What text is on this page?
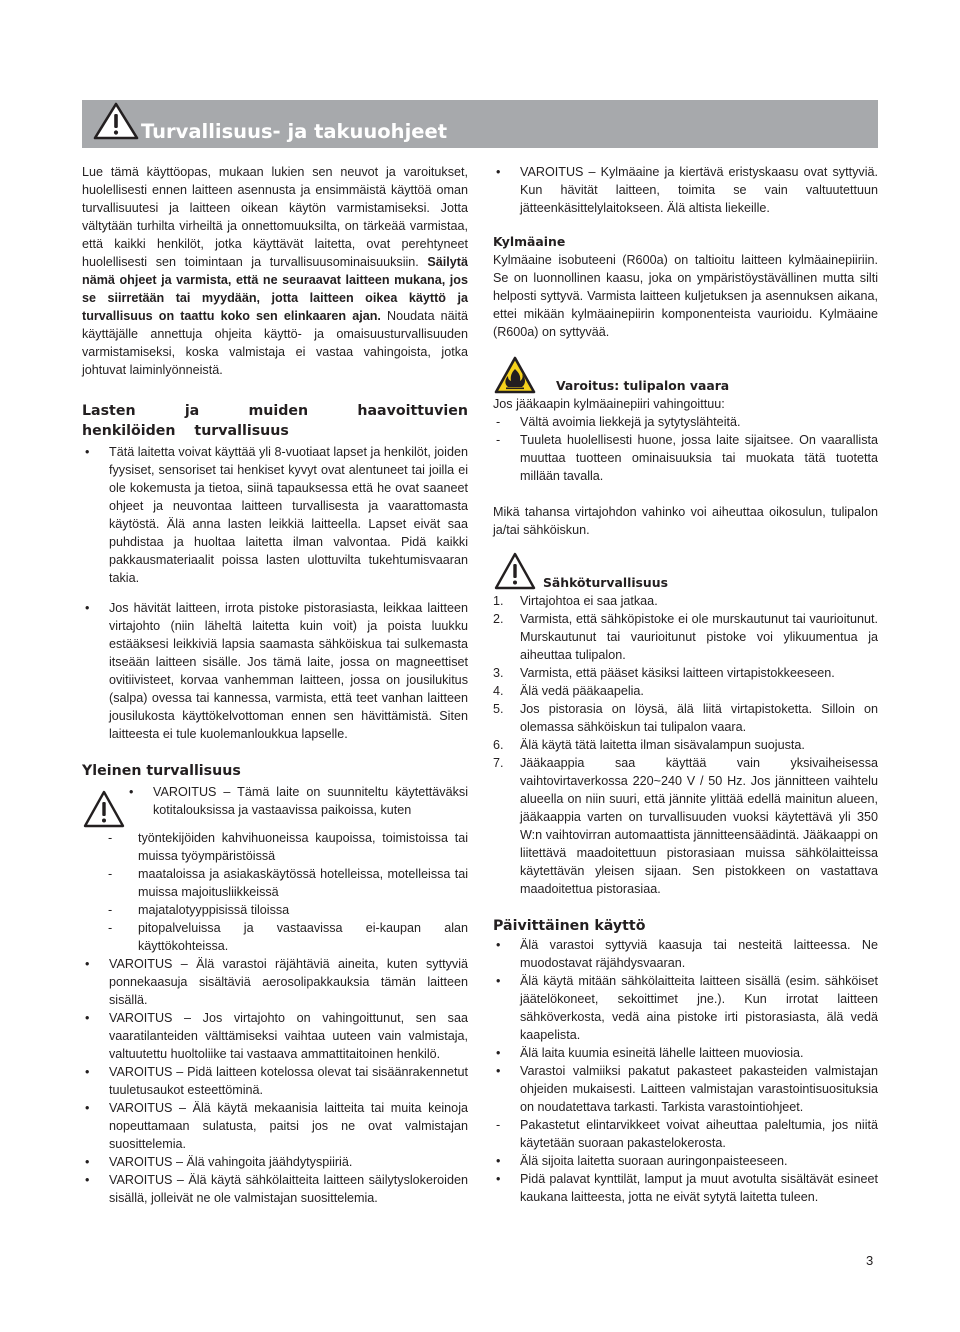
Turvallisuus- ja takuuohjeet

Lue tämä käyttöopas, mukaan lukien sen neuvot ja varoitukset, huolellisesti ennen laitteen asennusta ja ensimmäistä käyttöä oman turvallisuutesi ja laitteen oikean käytön varmistamiseksi. Jotta vältytään turhilta virheiltä ja onnettomuuksilta, on tärkeää varmistaa, että kaikki henkilöt, jotka käyttävät laitetta, ovat perehtyneet huolellisesti sen toimintaan ja turvallisuusominaisuuksiin. Säilytä nämä ohjeet ja varmista, että ne seuraavat laitteen mukana, jos se siirretään tai myydään, jotta laitteen oikea käyttö ja turvallisuus on taattu koko sen elinkaaren ajan. Noudata näitä käyttäjälle annettuja ohjeita käyttö- ja omaisuusturvallisuuden varmistamiseksi, koska valmistaja ei vastaa vahingoista, jotka johtuvat laiminlyönneistä.

Lasten ja muiden haavoittuvien henkilöiden turvallisuus
• Tätä laitetta voivat käyttää yli 8-vuotiaat lapset ja henkilöt, joiden fyysiset, sensoriset tai henkiset kyvyt ovat alentuneet tai joilla ei ole kokemusta ja tietoa, siinä tapauksessa että he ovat saaneet ohjeet ja neuvontaa laitteen turvallisesta ja vaarattomasta käytöstä. Älä anna lasten leikkiä laitteella. Lapset eivät saa puhdistaa ja huoltaa laitetta ilman valvontaa. Pidä kaikki pakkausmateriaalit poissa lasten ulottuvilta tukehtumisvaaran takia.
• Jos hävität laitteen, irrota pistoke pistorasiasta, leikkaa laitteen virtajohto (niin läheltä laitetta kuin voit) ja poista luukku estääksesi leikkiviä lapsia saamasta sähköiskua tai sulkemasta itseään laitteen sisälle. Jos tämä laite, jossa on magneettiset ovitiivisteet, korvaa vanhemman laitteen, jossa on jousilukitus (salpa) ovessa tai kannessa, varmista, että teet vanhan laitteen jousilukosta käyttökelvottoman ennen sen hävittämistä. Siten laitteesta ei tule kuolemanloukkua lapselle.
Yleinen turvallisuus
• VAROITUS – Tämä laite on suunniteltu käytettäväksi kotitalouksissa ja vastaavissa paikoissa, kuten
- työntekijöiden kahvihuoneissa kaupoissa, toimistoissa tai muissa työympäristöissä
- maataloissa ja asiakaskäytössä hotelleissa, motelleissa tai muissa majoitusliikkeissä
- majatalotyyppisissä tiloissa
- pitopalveluissa ja vastaavissa ei-kaupan alan käyttökohteissa.
• VAROITUS – Älä varastoi räjähtäviä aineita, kuten syttyviä ponnekaasuja sisältäviä aerosolipakkauksia tämän laitteen sisällä.
• VAROITUS – Jos virtajohto on vahingoittunut, sen saa vaaratilanteiden välttämiseksi vaihtaa uuteen vain valmistaja, valtuutettu huoltoliike tai vastaava ammattitaitoinen henkilö.
• VAROITUS – Pidä laitteen kotelossa olevat tai sisäänrakennetut tuuletusaukot esteettöminä.
• VAROITUS – Älä käytä mekaanisia laitteita tai muita keinoja nopeuttamaan sulatusta, paitsi jos ne ovat valmistajan suosittelemia.
• VAROITUS – Älä vahingoita jäähdytyspiiriä.
• VAROITUS – Älä käytä sähkölaitteita laitteen säilytyslokeroiden sisällä, jolleivät ne ole valmistajan suosittelemia.
• VAROITUS – Kylmäaine ja kiertävä eristyskaasu ovat syttyviä. Kun hävität laitteen, toimita se vain valtuutettuun jätteenkäsittelylaitokseen. Älä altista liekeille.
Kylmäaine

Kylmäaine isobuteeni (R600a) on taltioitu laitteen kylmäainepiiriin. Se on luonnollinen kaasu, joka on ympäristöystävällinen mutta silti helposti syttyvä. Varmista laitteen kuljetuksen ja asennuksen aikana, ettei mikään kylmäainepiirin komponenteista vaurioidu. Kylmäaine (R600a) on syttyvää.

Varoitus: tulipalon vaara

Jos jääkaapin kylmäainepiiri vahingoittuu:

- Vältä avoimia liekkejä ja sytytyslähteitä.
- Tuuleta huolellisesti huone, jossa laite sijaitsee. On vaarallista muuttaa tuotteen ominaisuuksia tai muokata tätä tuotetta millään tavalla.

Mikä tahansa virtajohdon vahinko voi aiheuttaa oikosulun, tulipalon ja/tai sähköiskun.

Sähköturvallisuus
1. Virtajohtoa ei saa jatkaa.
2. Varmista, että sähköpistoke ei ole murskautunut tai vaurioitunut. Murskautunut tai vaurioitunut pistoke voi ylikuumentua ja aiheuttaa tulipalon.
3. Varmista, että pääset käsiksi laitteen virtapistokkeeseen.
4. Älä vedä pääkaapelia.
5. Jos pistorasia on löysä, älä liitä virtapistoketta. Silloin on olemassa sähköiskun tai tulipalon vaara.
6. Älä käytä tätä laitetta ilman sisävalampun suojusta.
7. Jääkaappia saa käyttää vain yksivaiheisessa vaihtovirtaverkossa 220~240 V / 50 Hz. Jos jännitteen vaihtelu alueella on niin suuri, että jännite ylittää edellä mainitun alueen, jääkaappia varten on turvallisuuden vuoksi käytettävä yli 350 W:n vaihtovirran automaattista jännitteensäädintä. Jääkaappi on liitettävä maadoitettuun pistorasiaan muissa sähkölaitteissa käytettävän yleisen sijaan. Sen pistokkeen on vastattava maadoitettua pistorasiaa.
Päivittäinen käyttö
• Älä varastoi syttyviä kaasuja tai nesteitä laitteessa. Ne muodostavat räjähdysvaaran.
• Älä käytä mitään sähkölaitteita laitteen sisällä (esim. sähköiset jäätelökoneet, sekoittimet jne.). Kun irrotat laitteen sähköverkosta, vedä aina pistoke irti pistorasiasta, älä vedä kaapelista.
• Älä laita kuumia esineitä lähelle laitteen muoviosia.
• Varastoi valmiiksi pakatut pakasteet pakasteiden valmistajan ohjeiden mukaisesti. Laitteen valmistajan varastointisuosituksia on noudatettava tarkasti. Tarkista varastointiohjeet.
- Pakastetut elintarvikkeet voivat aiheuttaa paleltumia, jos niitä käytetään suoraan pakastelokerosta.
• Älä sijoita laitetta suoraan auringonpaisteeseen.
• Pidä palavat kynttilät, lamput ja muut avotulta sisältävät esineet kaukana laitteesta, jotta ne eivät sytytä laitetta tuleen.
3
